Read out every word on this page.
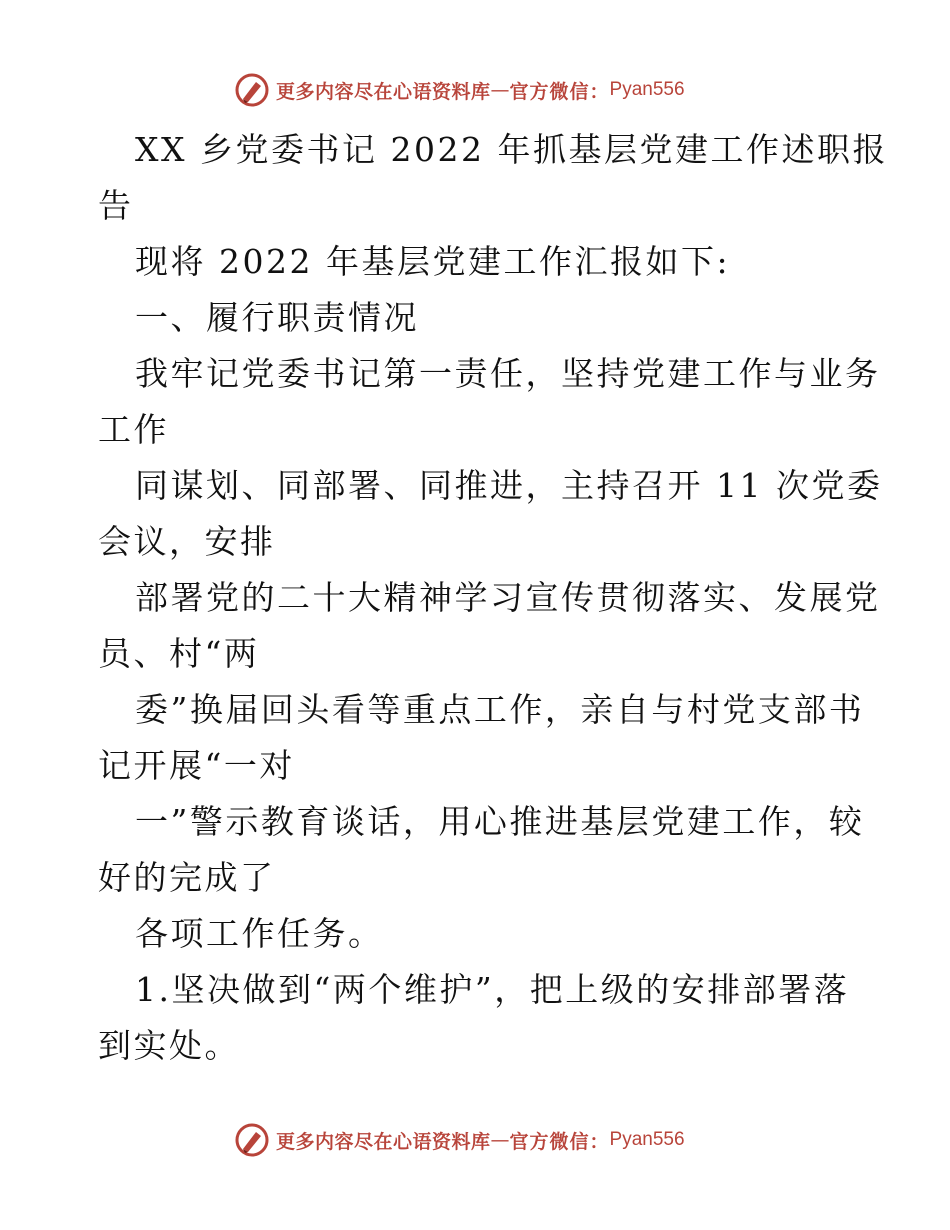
更多内容尽在心语资料库 — 官方微信： Pyan556
XX 乡党委书记 2022 年抓基层党建工作述职报
告
现将 2022 年基层党建工作汇报如下:
一、履行职责情况
我牢记党委书记第一责任，坚持党建工作与业务
工作
同谋划、同部署、同推进，主持召开 11 次党委
会议，安排
部署党的二十大精神学习宣传贯彻落实、发展党
员、村“两
委”换届回头看等重点工作，亲自与村党支部书
记开展“一对
一”警示教育谈话，用心推进基层党建工作，较
好的完成了
各项工作任务。
1.坚决做到“两个维护”，把上级的安排部署落
到实处。
更多内容尽在心语资料库 — 官方微信： Pyan556
